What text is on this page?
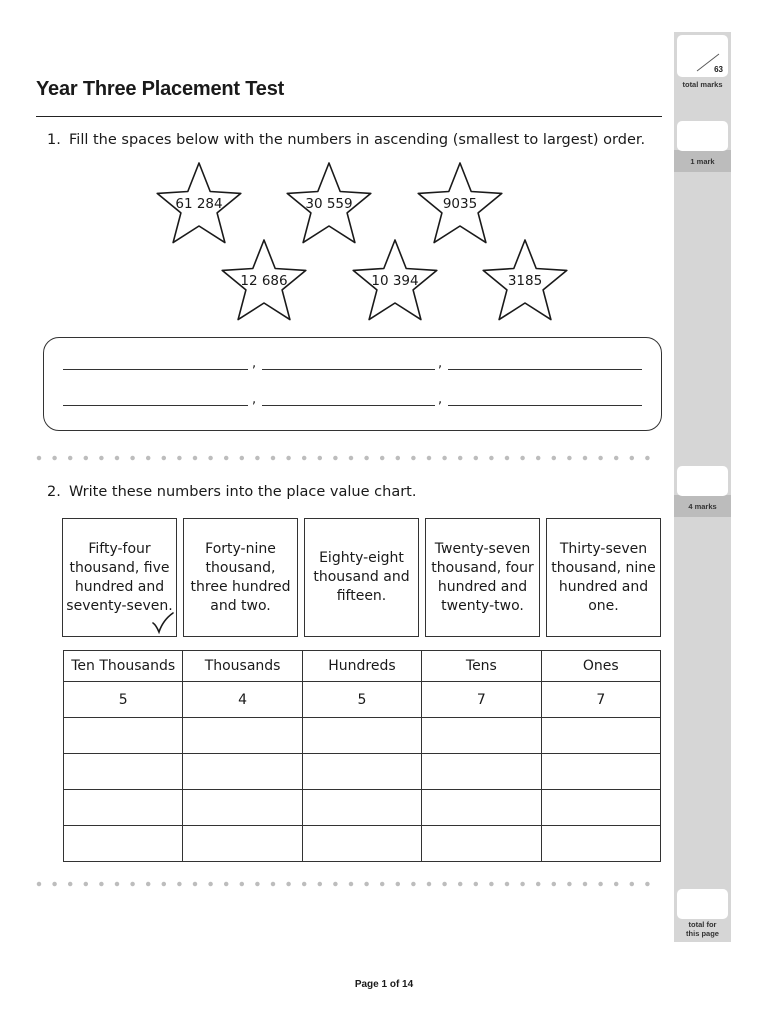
Year Three Placement Test
63
total marks
1 mark
4 marks
total for
this page
1. Fill the spaces below with the numbers in ascending (smallest to largest) order.
61 284	30 559	9035
12 686	10 394	3185
,	,
,	,
2. Write these numbers into the place value chart.
Fifty-four thousand, five hundred and seventy-seven.
Forty-nine thousand, three hundred and two.
Eighty-eight thousand and fifteen.
Twenty-seven thousand, four hundred and twenty-two.
Thirty-seven thousand, nine hundred and one.
Ten Thousands	Thousands	Hundreds	Tens	Ones
5	4	5	7	7

Page 1 of 14
